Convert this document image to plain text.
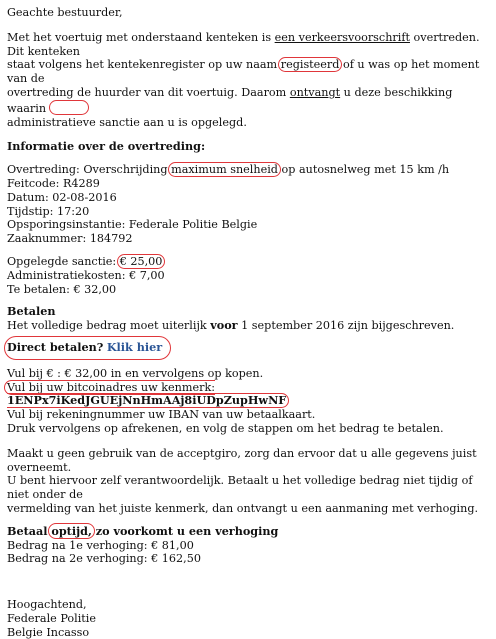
Geachte bestuurder,

Met het voertuig met onderstaand kenteken is een verkeersvoorschrift overtreden. Dit kenteken

staat volgens het kentekenregister op uw naam registeerd of u was op het moment van de

overtreding de huurder van dit voertuig. Daarom ontvangt u deze beschikking waarin

administratieve sanctie aan u is opgelegd.

Informatie over de overtreding:

Overtreding: Overschrijding maximum snelheid op autosnelweg met 15 km /h

Feitcode: R4289

Datum: 02-08-2016

Tijdstip: 17:20

Opsporingsinstantie: Federale Politie Belgie

Zaaknummer: 184792

Opgelegde sanctie: € 25,00

Administratiekosten: € 7,00

Te betalen: € 32,00

Betalen

Het volledige bedrag moet uiterlijk voor 1 september 2016 zijn bijgeschreven.

Direct betalen? Klik hier

Vul bij € : € 32,00 in en vervolgens op kopen.

Vul bij uw bitcoinadres uw kenmerk: 1ENPx7iKedJGUEjNnHmAAj8iUDpZupHwNF

Vul bij rekeningnummer uw IBAN van uw betaalkaart.

Druk vervolgens op afrekenen, en volg de stappen om het bedrag te betalen.

Maakt u geen gebruik van de acceptgiro, zorg dan ervoor dat u alle gegevens juist overneemt.

U bent hiervoor zelf verantwoordelijk. Betaalt u het volledige bedrag niet tijdig of niet onder de

vermelding van het juiste kenmerk, dan ontvangt u een aanmaning met verhoging.

Betaal optijd, zo voorkomt u een verhoging

Bedrag na 1e verhoging: € 81,00

Bedrag na 2e verhoging: € 162,50

Hoogachtend,

Federale Politie

Belgie Incasso
